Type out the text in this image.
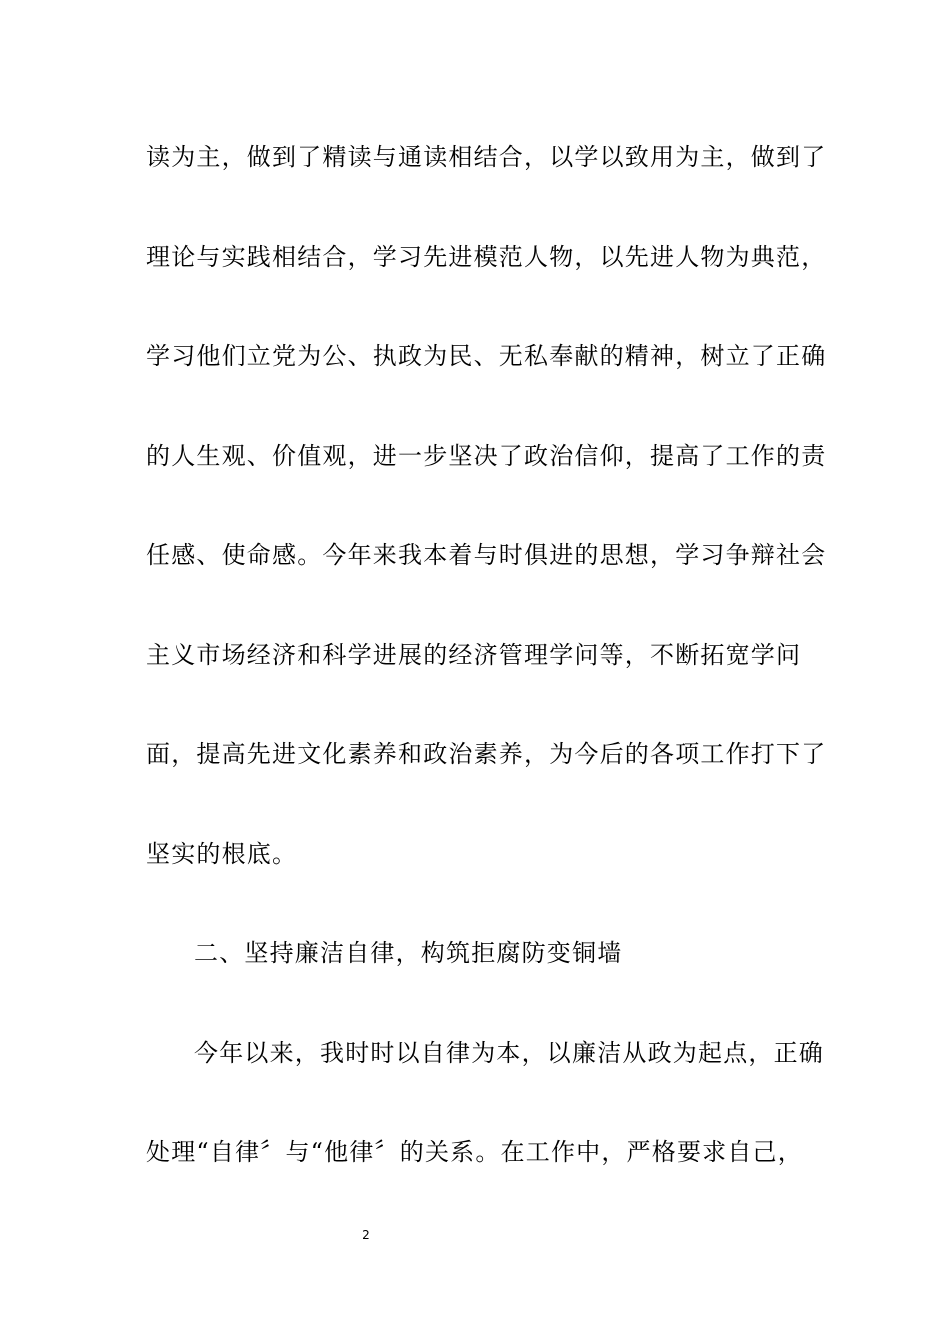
读为主，做到了精读与通读相结合，以学以致用为主，做到了
理论与实践相结合，学习先进模范人物，以先进人物为典范，
学习他们立党为公、执政为民、无私奉献的精神，树立了正确
的人生观、价值观，进一步坚决了政治信仰，提高了工作的责
任感、使命感。今年来我本着与时俱进的思想，学习争辩社会
主义市场经济和科学进展的经济管理学问等，不断拓宽学问
面，提高先进文化素养和政治素养，为今后的各项工作打下了
坚实的根底。
二、坚持廉洁自律，构筑拒腐防变铜墙
今年以来，我时时以自律为本，以廉洁从政为起点，正确
处理“自律〞与“他律〞的关系。在工作中，严格要求自己，
2
